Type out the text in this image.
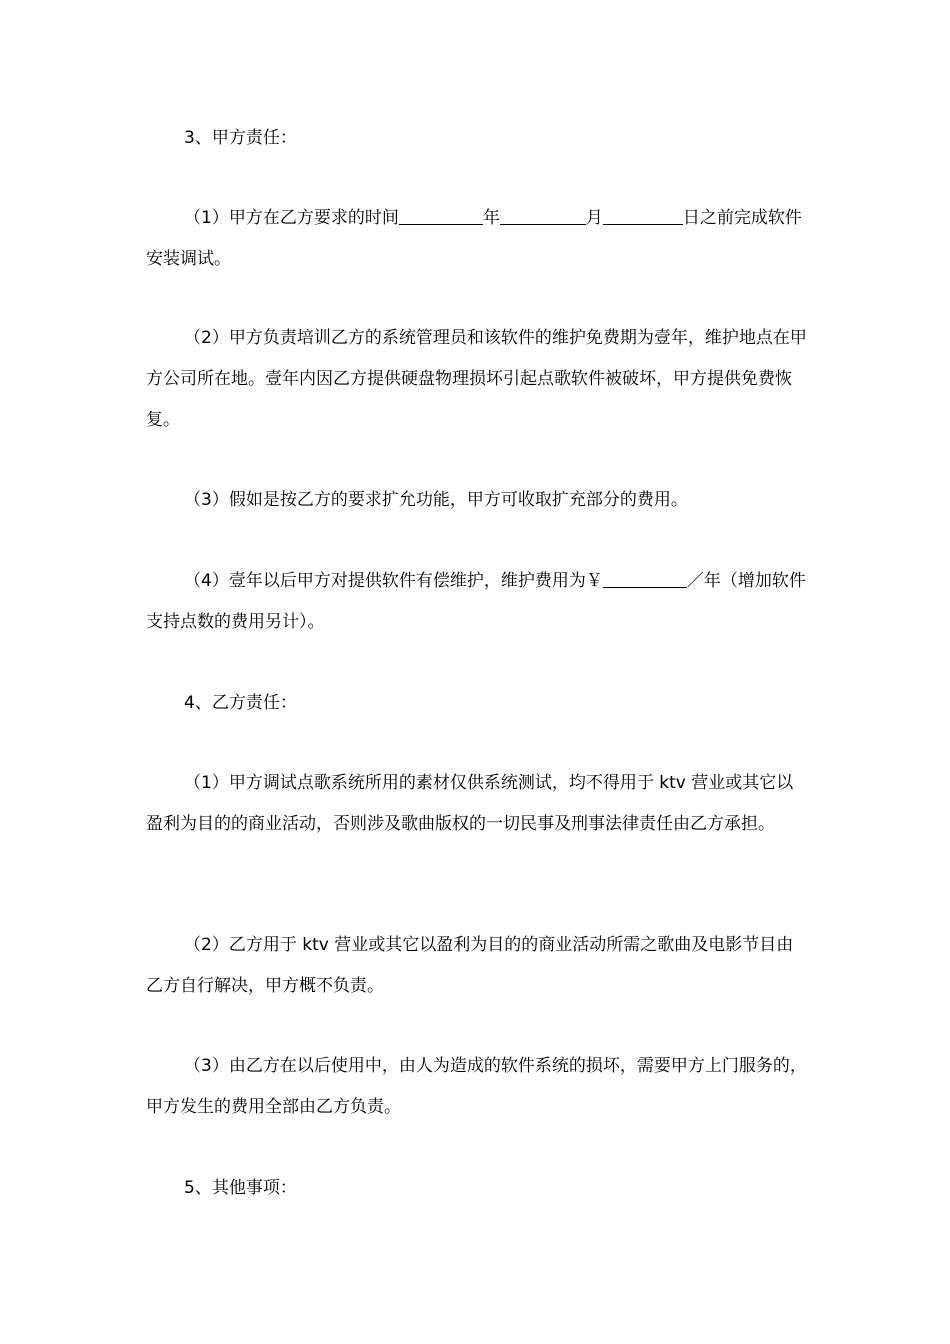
3、甲方责任：
（1）甲方在乙方要求的时间	年	月	日之前完成软件安装调试。
（2）甲方负责培训乙方的系统管理员和该软件的维护免费期为壹年，维护地点在甲方公司所在地。壹年内因乙方提供硬盘物理损坏引起点歌软件被破坏，甲方提供免费恢复。
（3）假如是按乙方的要求扩允功能，甲方可收取扩充部分的费用。
（4）壹年以后甲方对提供软件有偿维护，维护费用为￥	／年（增加软件支持点数的费用另计）。
4、乙方责任：
（1）甲方调试点歌系统所用的素材仅供系统测试，均不得用于 ktv 营业或其它以盈利为目的的商业活动，否则涉及歌曲版权的一切民事及刑事法律责任由乙方承担。
（2）乙方用于 ktv 营业或其它以盈利为目的的商业活动所需之歌曲及电影节目由乙方自行解决，甲方概不负责。
（3）由乙方在以后使用中，由人为造成的软件系统的损坏，需要甲方上门服务的，甲方发生的费用全部由乙方负责。
5、其他事项：
